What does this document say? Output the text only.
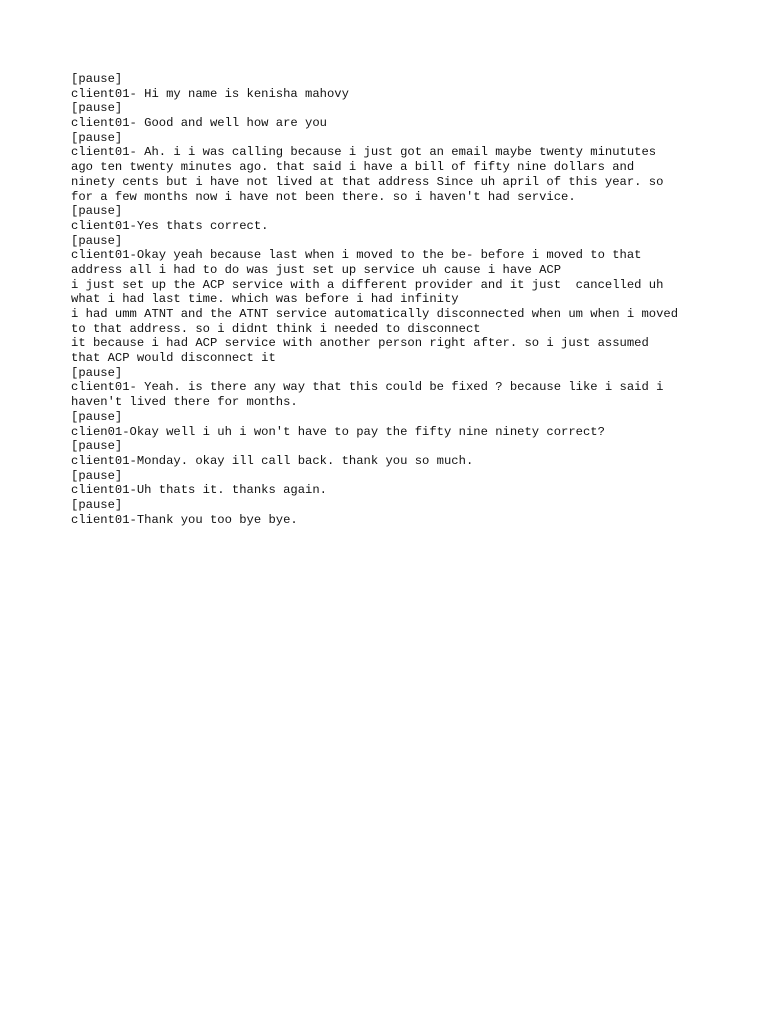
[pause]
client01- Hi my name is kenisha mahovy
[pause]
client01- Good and well how are you
[pause]
client01- Ah. i i was calling because i just got an email maybe twenty minututes
ago ten twenty minutes ago. that said i have a bill of fifty nine dollars and
ninety cents but i have not lived at that address Since uh april of this year. so
for a few months now i have not been there. so i haven't had service.
[pause]
client01-Yes thats correct.
[pause]
client01-Okay yeah because last when i moved to the be- before i moved to that
address all i had to do was just set up service uh cause i have ACP
i just set up the ACP service with a different provider and it just  cancelled uh
what i had last time. which was before i had infinity
i had umm ATNT and the ATNT service automatically disconnected when um when i moved
to that address. so i didnt think i needed to disconnect
it because i had ACP service with another person right after. so i just assumed
that ACP would disconnect it
[pause]
client01- Yeah. is there any way that this could be fixed ? because like i said i
haven't lived there for months.
[pause]
clien01-Okay well i uh i won't have to pay the fifty nine ninety correct?
[pause]
client01-Monday. okay ill call back. thank you so much.
[pause]
client01-Uh thats it. thanks again.
[pause]
client01-Thank you too bye bye.
